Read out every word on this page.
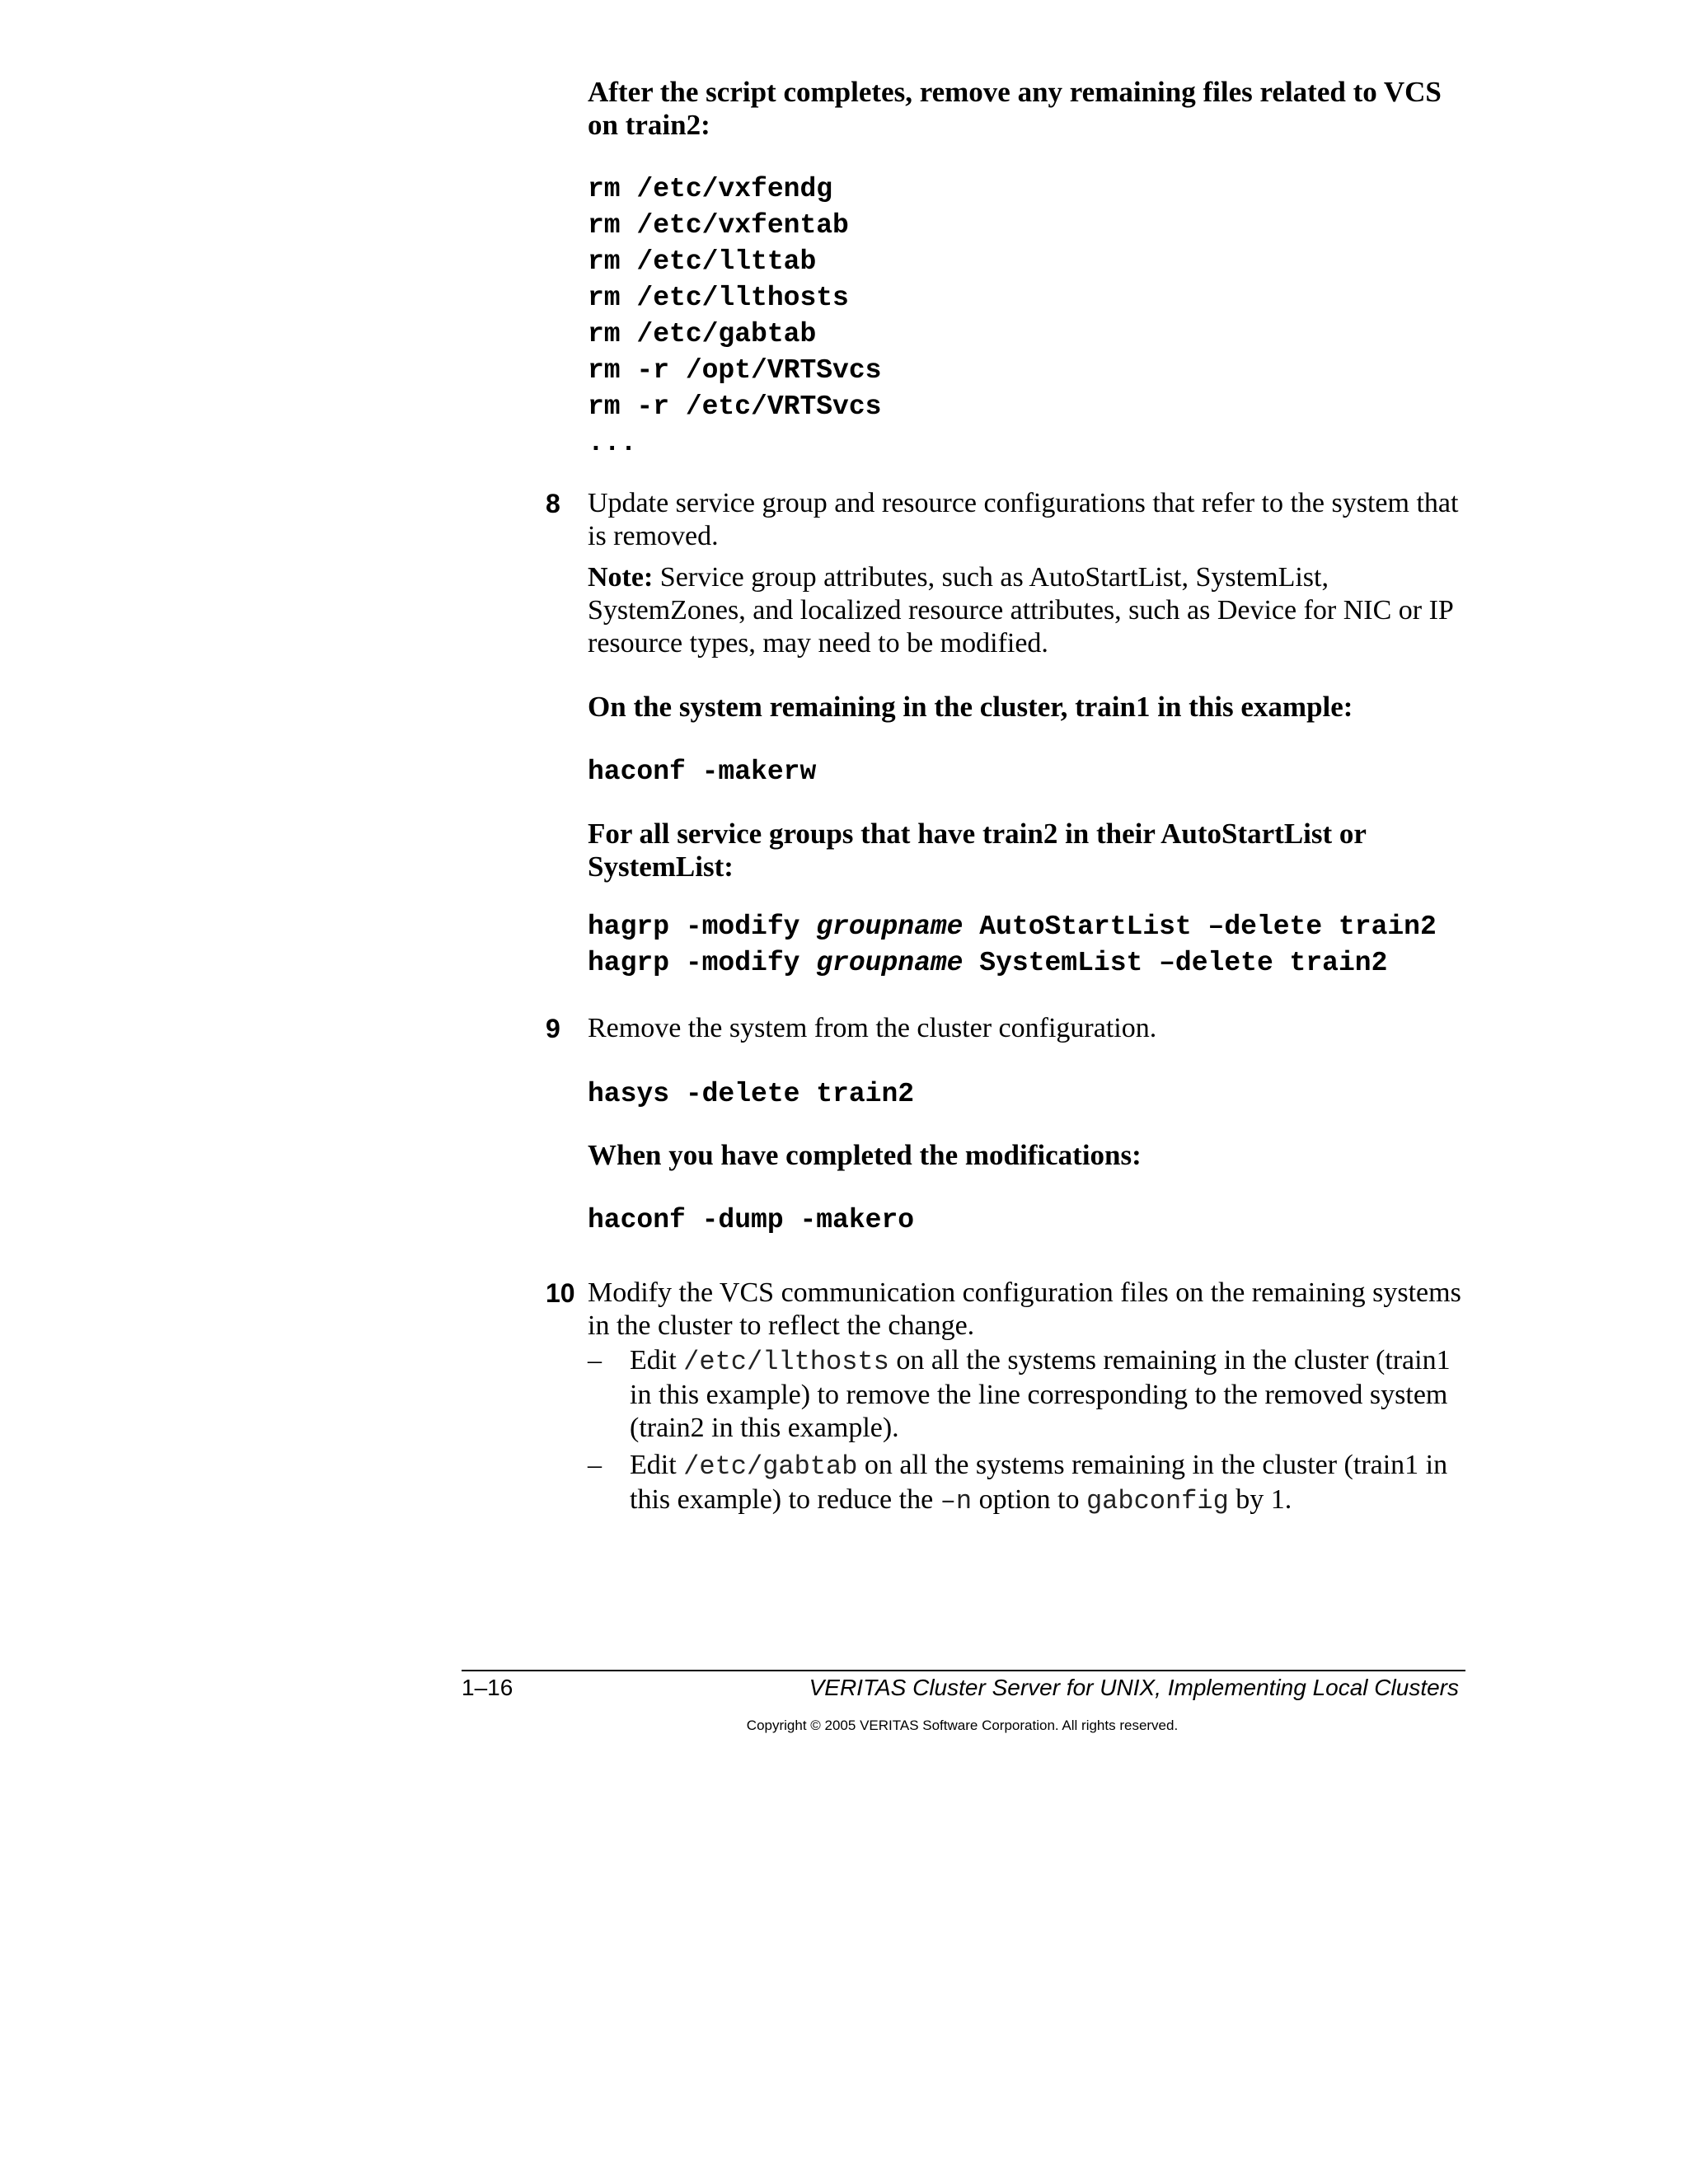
After the script completes, remove any remaining files related to VCS on train2:

rm /etc/vxfendg

rm /etc/vxfentab

rm /etc/llttab

rm /etc/llthosts

rm /etc/gabtab

rm -r /opt/VRTSvcs

rm -r /etc/VRTSvcs

...

8 Update service group and resource configurations that refer to the system that is removed.

Note: Service group attributes, such as AutoStartList, SystemList, SystemZones, and localized resource attributes, such as Device for NIC or IP resource types, may need to be modified.

On the system remaining in the cluster, train1 in this example:

haconf -makerw

For all service groups that have train2 in their AutoStartList or SystemList:

hagrp -modify groupname AutoStartList –delete train2

hagrp -modify groupname SystemList –delete train2

9 Remove the system from the cluster configuration.

hasys -delete train2

When you have completed the modifications:

haconf -dump -makero

10 Modify the VCS communication configuration files on the remaining systems in the cluster to reflect the change.

– Edit /etc/llthosts on all the systems remaining in the cluster (train1 in this example) to remove the line corresponding to the removed system (train2 in this example).

– Edit /etc/gabtab on all the systems remaining in the cluster (train1 in this example) to reduce the –n option to gabconfig by 1.

1–16	VERITAS Cluster Server for UNIX, Implementing Local Clusters
Copyright © 2005 VERITAS Software Corporation. All rights reserved.
